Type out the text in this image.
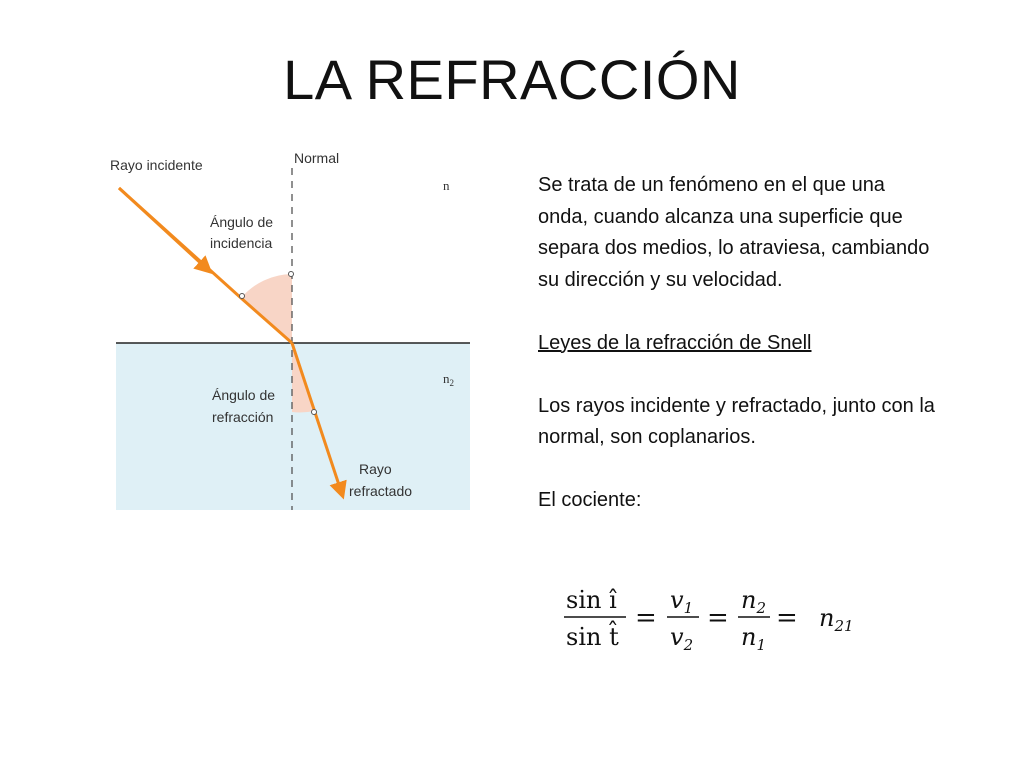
LA REFRACCIÓN
Rayo incidente	Normal
n
Ángulo de
incidencia
$n_2$
Ángulo de
refracción
Rayo
refractado

Se trata de un fenómeno en el que una onda, cuando alcanza una superficie que separa dos medios, lo atraviesa, cambiando su dirección y su velocidad.

Leyes de la refracción de Snell

Los rayos incidente y refractado, junto con la normal, son coplanarios.

El cociente:

sin î
sin t̂
=
$v_1$
$v_2$
=
$n_2$
$n_1$
= $n_{21}$
